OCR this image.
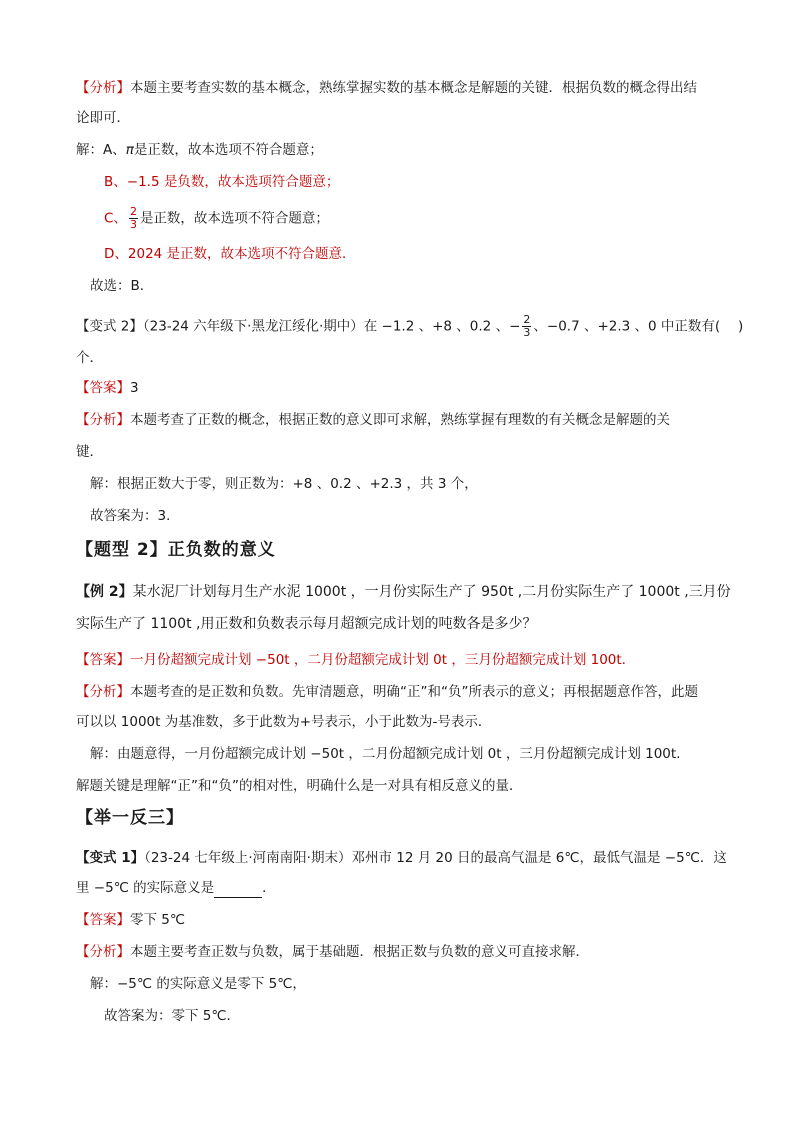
【分析】本题主要考查实数的基本概念，熟练掌握实数的基本概念是解题的关键．根据负数的概念得出结
论即可．
解：A、π是正数，故本选项不符合题意；
B、−1.5 是负数，故本选项符合题意；
C、 $\frac{2}{3}$ 是正数，故本选项不符合题意；
D、2024 是正数，故本选项不符合题意．
故选：B．
【变式 2】（23-24 六年级下·黑龙江绥化·期中）在 −1.2 、+8 、0.2 、− $\frac{2}{3}$ 、−0.7 、+2.3 、0 中正数有(　 )
个．
【答案】3
【分析】本题考查了正数的概念，根据正数的意义即可求解，熟练掌握有理数的有关概念是解题的关
键．
解：根据正数大于零，则正数为：+8 、0.2 、+2.3 ，共 3 个，
故答案为：3．
【题型 2】正负数的意义
【例 2】某水泥厂计划每月生产水泥 1000t ，一月份实际生产了 950t ,二月份实际生产了 1000t ,三月份
实际生产了 1100t ,用正数和负数表示每月超额完成计划的吨数各是多少？
【答案】一月份超额完成计划 −50t ，二月份超额完成计划 0t ，三月份超额完成计划 100t.
【分析】本题考查的是正数和负数。先审清题意，明确“正”和“负”所表示的意义；再根据题意作答，此题
可以以 1000t 为基准数，多于此数为+号表示，小于此数为-号表示．
解：由题意得，一月份超额完成计划 −50t ，二月份超额完成计划 0t ，三月份超额完成计划 100t.
解题关键是理解“正”和“负”的相对性，明确什么是一对具有相反意义的量．
【举一反三】
【变式 1】（23-24 七年级上·河南南阳·期末）邓州市 12 月 20 日的最高气温是 6℃，最低气温是 −5℃．这
里 −5℃ 的实际意义是	．
【答案】零下 5℃
【分析】本题主要考查正数与负数，属于基础题．根据正数与负数的意义可直接求解．
解：−5℃ 的实际意义是零下 5℃，
故答案为：零下 5℃．
